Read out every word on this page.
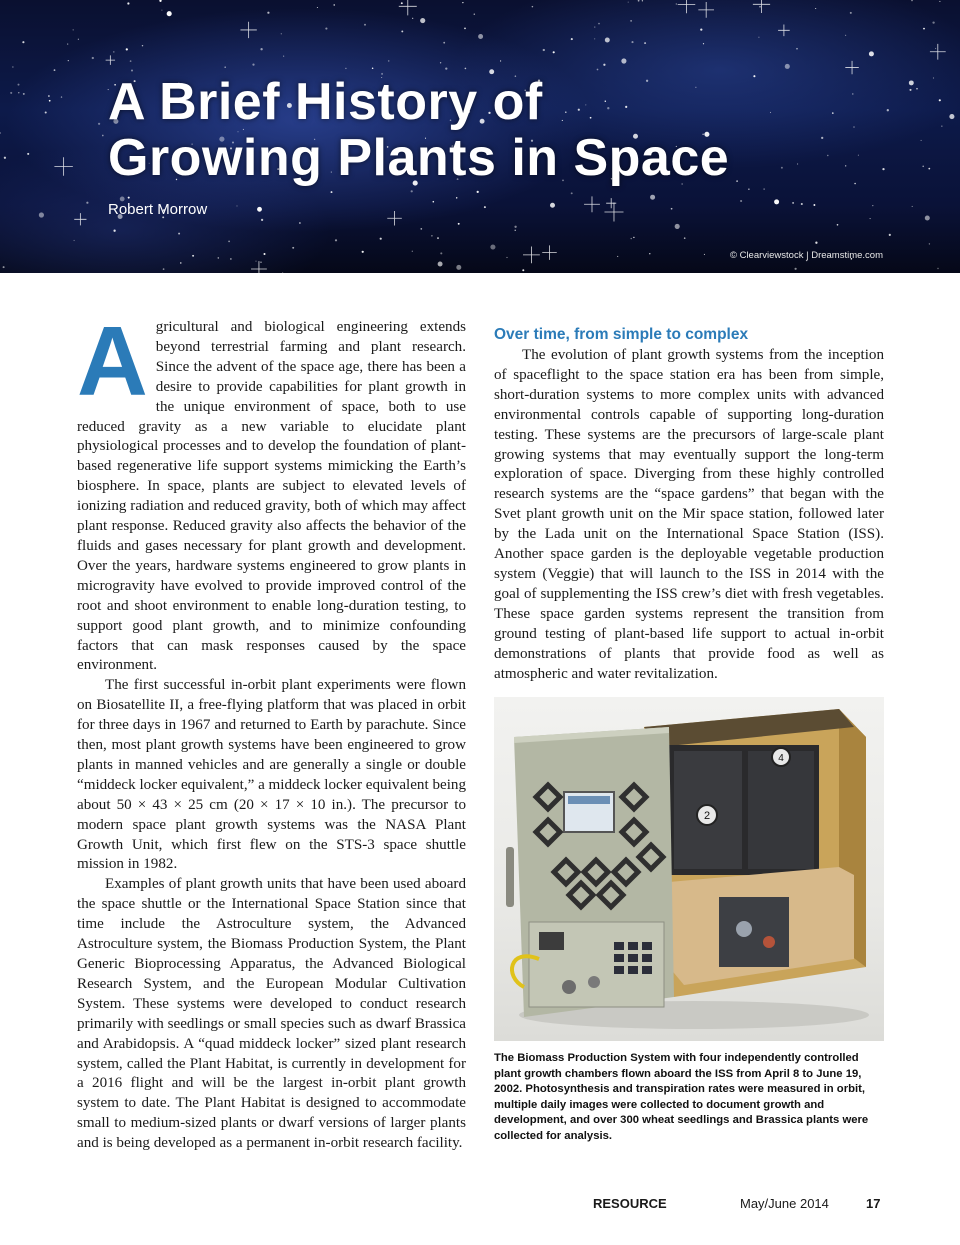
A Brief History of
Growing Plants in Space
Robert Morrow
© Clearviewstock | Dreamstime.com

Agricultural and biological engineering extends beyond terrestrial farming and plant research. Since the advent of the space age, there has been a desire to provide capabilities for plant growth in the unique environment of space, both to use reduced gravity as a new variable to elucidate plant physiological processes and to develop the foundation of plant-based regenerative life support systems mimicking the Earth’s biosphere. In space, plants are subject to elevated levels of ionizing radiation and reduced gravity, both of which may affect plant response. Reduced gravity also affects the behavior of the fluids and gases necessary for plant growth and development. Over the years, hardware systems engineered to grow plants in microgravity have evolved to provide improved control of the root and shoot environment to enable long-duration testing, to support good plant growth, and to minimize confounding factors that can mask responses caused by the space environment.

The first successful in-orbit plant experiments were flown on Biosatellite II, a free-flying platform that was placed in orbit for three days in 1967 and returned to Earth by parachute. Since then, most plant growth systems have been engineered to grow plants in manned vehicles and are generally a single or double “middeck locker equivalent,” a middeck locker equivalent being about 50 × 43 × 25 cm (20 × 17 × 10 in.). The precursor to modern space plant growth systems was the NASA Plant Growth Unit, which first flew on the STS-3 space shuttle mission in 1982.

Examples of plant growth units that have been used aboard the space shuttle or the International Space Station since that time include the Astroculture system, the Advanced Astroculture system, the Biomass Production System, the Plant Generic Bioprocessing Apparatus, the Advanced Biological Research System, and the European Modular Cultivation System. These systems were developed to conduct research primarily with seedlings or small species such as dwarf Brassica and Arabidopsis. A “quad middeck locker” sized plant research system, called the Plant Habitat, is currently in development for a 2016 flight and will be the largest in-orbit plant growth system to date. The Plant Habitat is designed to accommodate small to medium-sized plants or dwarf versions of larger plants and is being developed as a permanent in-orbit research facility.

Over time, from simple to complex

The evolution of plant growth systems from the inception of spaceflight to the space station era has been from simple, short-duration systems to more complex units with advanced environmental controls capable of supporting long-duration testing. These systems are the precursors of large-scale plant growing systems that may eventually support the long-term exploration of space. Diverging from these highly controlled research systems are the “space gardens” that began with the Svet plant growth unit on the Mir space station, followed later by the Lada unit on the International Space Station (ISS). Another space garden is the deployable vegetable production system (Veggie) that will launch to the ISS in 2014 with the goal of supplementing the ISS crew’s diet with fresh vegetables. These space garden systems represent the transition from ground testing of plant-based life support to actual in-orbit demonstrations of plants that provide food as well as atmospheric and water revitalization.

2
4
The Biomass Production System with four independently controlled plant growth chambers flown aboard the ISS from April 8 to June 19, 2002. Photosynthesis and transpiration rates were measured in orbit, multiple daily images were collected to document growth and development, and over 300 wheat seedlings and Brassica plants were collected for analysis.
RESOURCE	May/June 2014	17
